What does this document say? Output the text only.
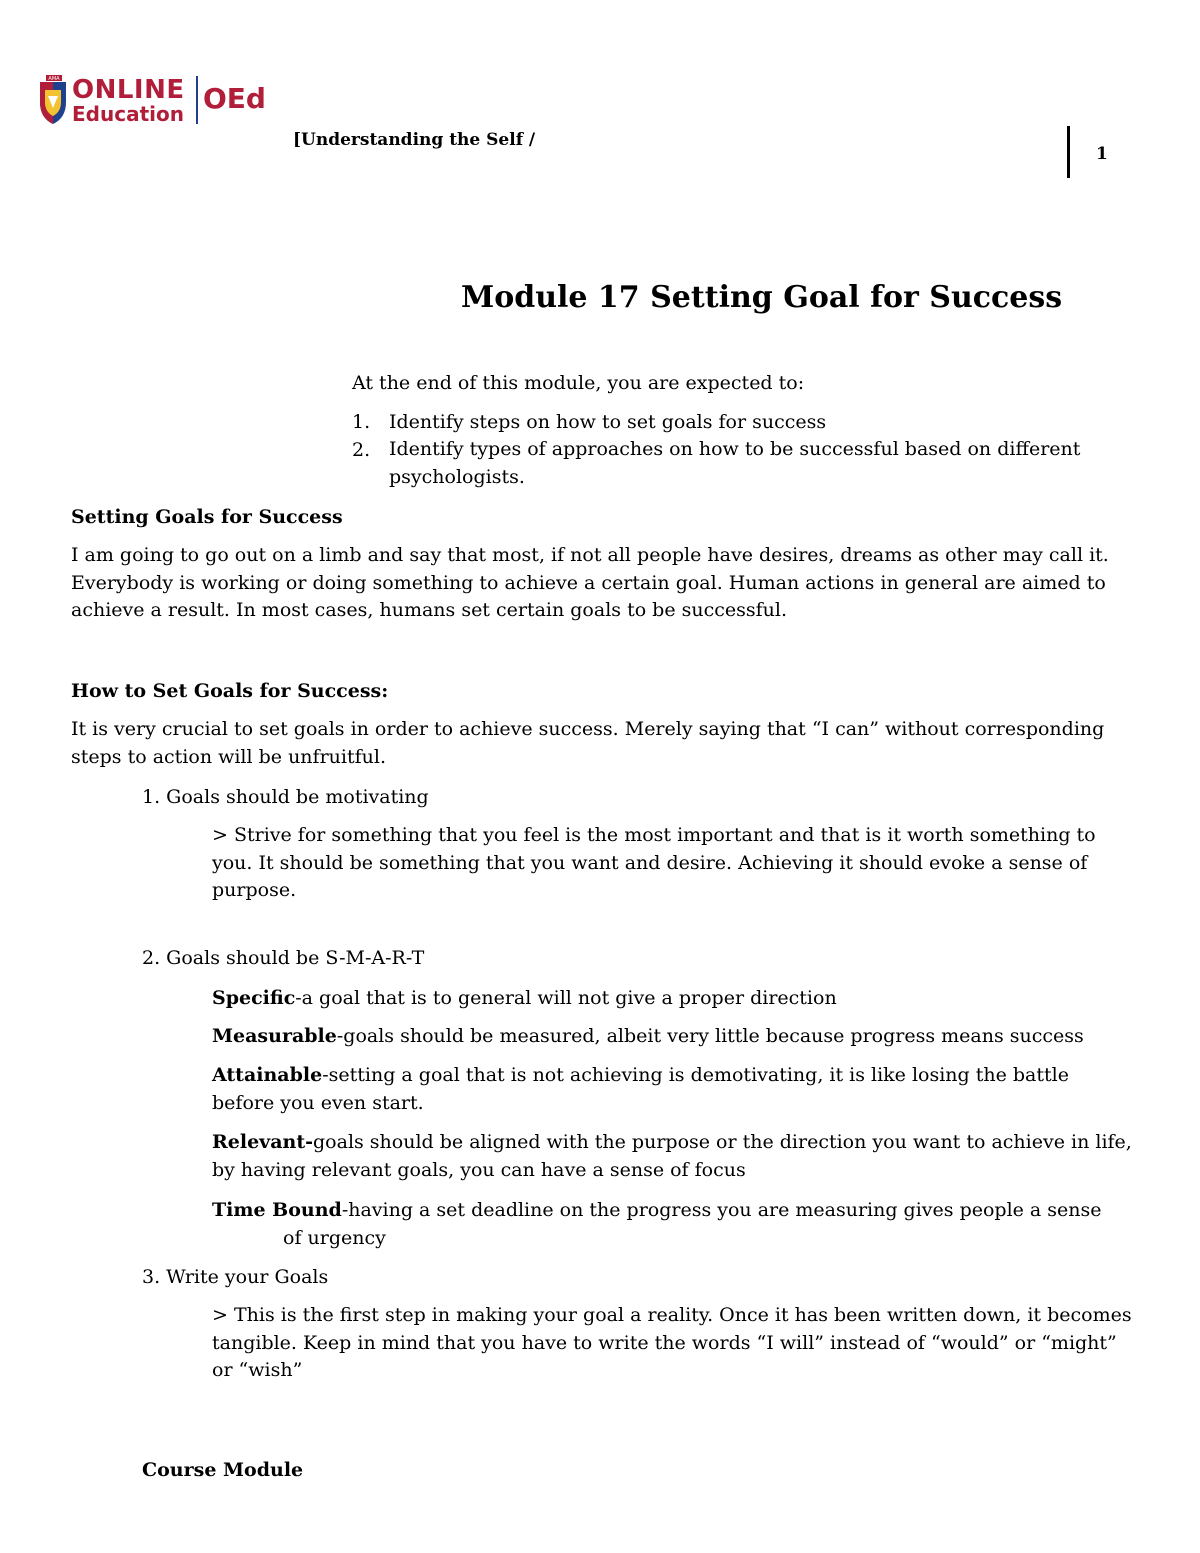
AMA ONLINE
Education OEd
[Understanding the Self /
1
Module 17 Setting Goal for Success
At the end of this module, you are expected to:
1. Identify steps on how to set goals for success
2. Identify types of approaches on how to be successful based on different psychologists.
Setting Goals for Success
I am going to go out on a limb and say that most, if not all people have desires, dreams as other may call it. Everybody is working or doing something to achieve a certain goal. Human actions in general are aimed to achieve a result. In most cases, humans set certain goals to be successful.
How to Set Goals for Success:
It is very crucial to set goals in order to achieve success. Merely saying that “I can” without corresponding steps to action will be unfruitful.
1. Goals should be motivating
> Strive for something that you feel is the most important and that is it worth something to you. It should be something that you want and desire. Achieving it should evoke a sense of purpose.
2. Goals should be S-M-A-R-T
Specific-a goal that is to general will not give a proper direction
Measurable-goals should be measured, albeit very little because progress means success
Attainable-setting a goal that is not achieving is demotivating, it is like losing the battle before you even start.
Relevant-goals should be aligned with the purpose or the direction you want to achieve in life, by having relevant goals, you can have a sense of focus
Time Bound-having a set deadline on the progress you are measuring gives people a sense
of urgency
3. Write your Goals
> This is the first step in making your goal a reality. Once it has been written down, it becomes tangible. Keep in mind that you have to write the words “I will” instead of “would” or “might” or “wish”
Course Module
